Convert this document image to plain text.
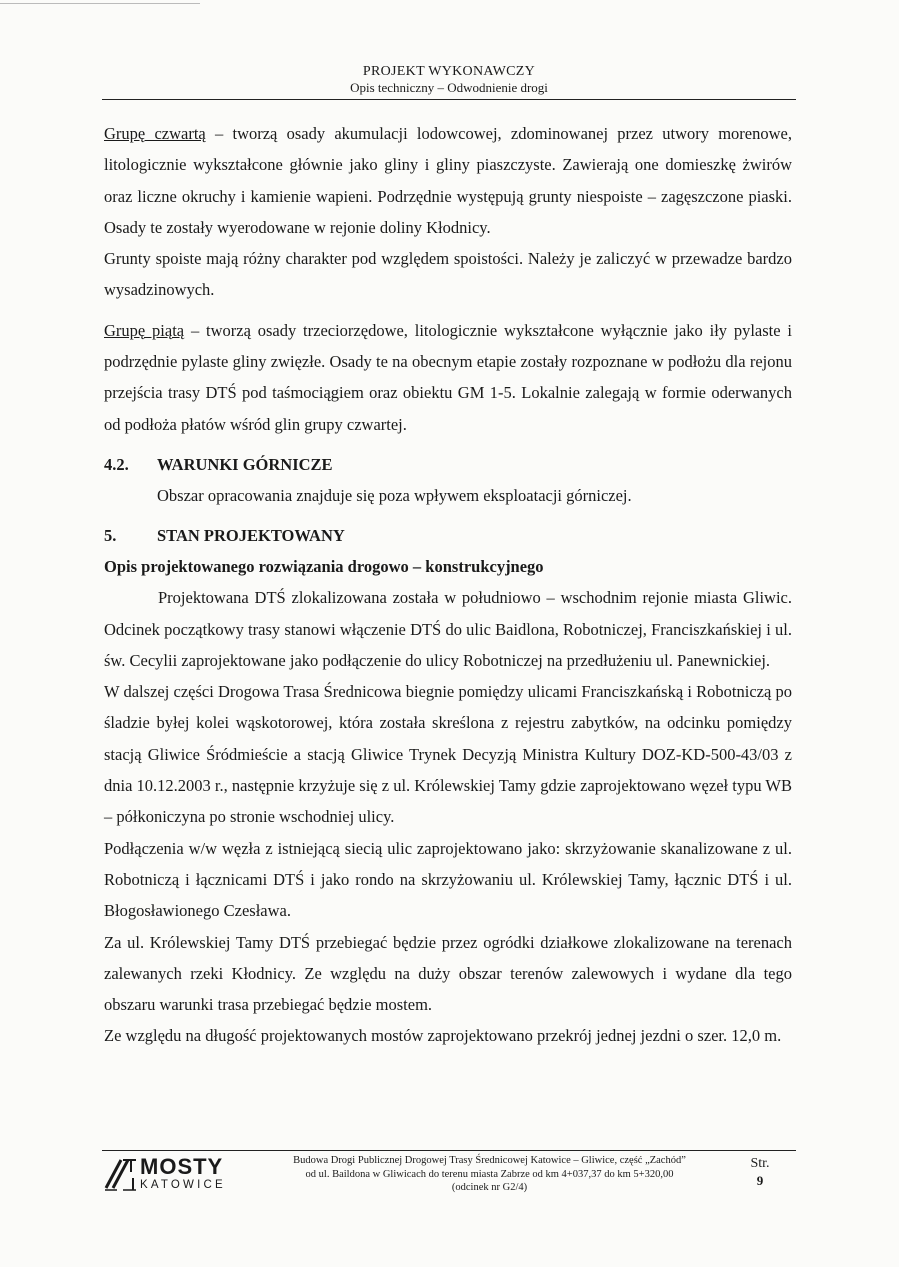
PROJEKT WYKONAWCZY
Opis techniczny – Odwodnienie drogi

Grupę czwartą – tworzą osady akumulacji lodowcowej, zdominowanej przez utwory morenowe, litologicznie wykształcone głównie jako gliny i gliny piaszczyste. Zawierają one domieszkę żwirów oraz liczne okruchy i kamienie wapieni. Podrzędnie występują grunty niespoiste – zagęszczone piaski. Osady te zostały wyerodowane w rejonie doliny Kłodnicy.

Grunty spoiste mają różny charakter pod względem spoistości. Należy je zaliczyć w przewadze bardzo wysadzinowych.

Grupę piątą – tworzą osady trzeciorzędowe, litologicznie wykształcone wyłącznie jako iły pylaste i podrzędnie pylaste gliny zwięzłe. Osady te na obecnym etapie zostały rozpoznane w podłożu dla rejonu przejścia trasy DTŚ pod taśmociągiem oraz obiektu GM 1-5. Lokalnie zalegają w formie oderwanych od podłoża płatów wśród glin grupy czwartej.

4.2.	WARUNKI GÓRNICZE

Obszar opracowania znajduje się poza wpływem eksploatacji górniczej.

5.	STAN PROJEKTOWANY
Opis projektowanego rozwiązania drogowo – konstrukcyjnego

Projektowana DTŚ zlokalizowana została w południowo – wschodnim rejonie miasta Gliwic. Odcinek początkowy trasy stanowi włączenie DTŚ do ulic Baidlona, Robotniczej, Franciszkańskiej i ul. św. Cecylii zaprojektowane jako podłączenie do ulicy Robotniczej na przedłużeniu ul. Panewnickiej.

W dalszej części Drogowa Trasa Średnicowa biegnie pomiędzy ulicami Franciszkańską i Robotniczą po śladzie byłej kolei wąskotorowej, która została skreślona z rejestru zabytków, na odcinku pomiędzy stacją Gliwice Śródmieście a stacją Gliwice Trynek Decyzją Ministra Kultury DOZ-KD-500-43/03 z dnia 10.12.2003 r., następnie krzyżuje się z ul. Królewskiej Tamy gdzie zaprojektowano węzeł typu WB – półkoniczyna po stronie wschodniej ulicy.

Podłączenia w/w węzła z istniejącą siecią ulic zaprojektowano jako: skrzyżowanie skanalizowane z ul. Robotniczą i łącznicami DTŚ i jako rondo na skrzyżowaniu ul. Królewskiej Tamy, łącznic DTŚ i ul. Błogosławionego Czesława.

Za ul. Królewskiej Tamy DTŚ przebiegać będzie przez ogródki działkowe zlokalizowane na terenach zalewanych rzeki Kłodnicy. Ze względu na duży obszar terenów zalewowych i wydane dla tego obszaru warunki trasa przebiegać będzie mostem.

Ze względu na długość projektowanych mostów zaprojektowano przekrój jednej jezdni o szer. 12,0 m.

MOSTY
KATOWICE
Budowa Drogi Publicznej Drogowej Trasy Średnicowej Katowice – Gliwice, część „Zachód”
od ul. Baildona w Gliwicach do terenu miasta Zabrze od km 4+037,37 do km 5+320,00
(odcinek nr G2/4)
Str.
9
